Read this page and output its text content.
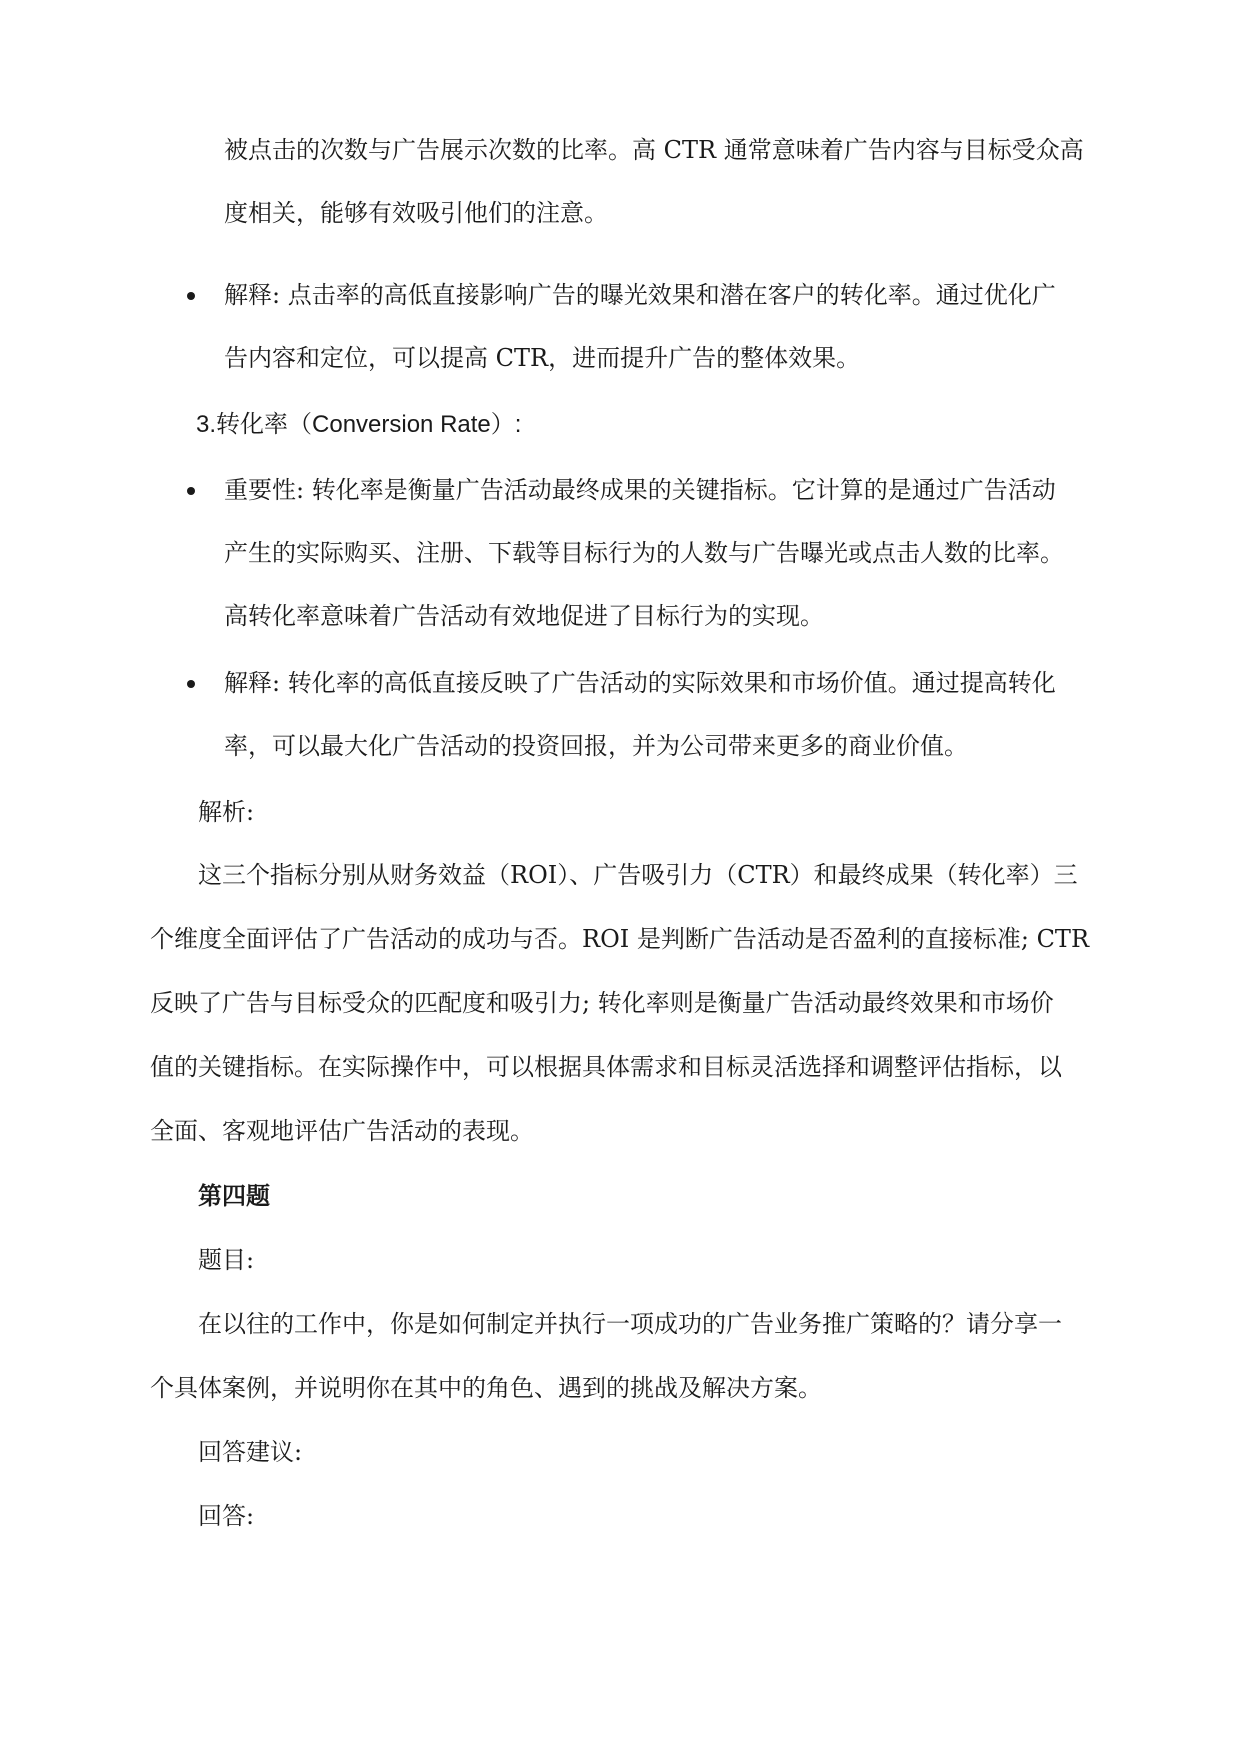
被点击的次数与广告展示次数的比率。高 CTR 通常意味着广告内容与目标受众高
度相关，能够有效吸引他们的注意。
解释: 点击率的高低直接影响广告的曝光效果和潜在客户的转化率。通过优化广
告内容和定位，可以提高 CTR，进而提升广告的整体效果。
3.转化率（Conversion Rate）:
重要性: 转化率是衡量广告活动最终成果的关键指标。它计算的是通过广告活动
产生的实际购买、注册、下载等目标行为的人数与广告曝光或点击人数的比率。
高转化率意味着广告活动有效地促进了目标行为的实现。
解释: 转化率的高低直接反映了广告活动的实际效果和市场价值。通过提高转化
率，可以最大化广告活动的投资回报，并为公司带来更多的商业价值。
解析:
这三个指标分别从财务效益（ROI）、广告吸引力（CTR）和最终成果（转化率）三
个维度全面评估了广告活动的成功与否。ROI 是判断广告活动是否盈利的直接标准; CTR
反映了广告与目标受众的匹配度和吸引力; 转化率则是衡量广告活动最终效果和市场价
值的关键指标。在实际操作中，可以根据具体需求和目标灵活选择和调整评估指标，以
全面、客观地评估广告活动的表现。
第四题
题目:
在以往的工作中，你是如何制定并执行一项成功的广告业务推广策略的？请分享一
个具体案例，并说明你在其中的角色、遇到的挑战及解决方案。
回答建议:
回答:
